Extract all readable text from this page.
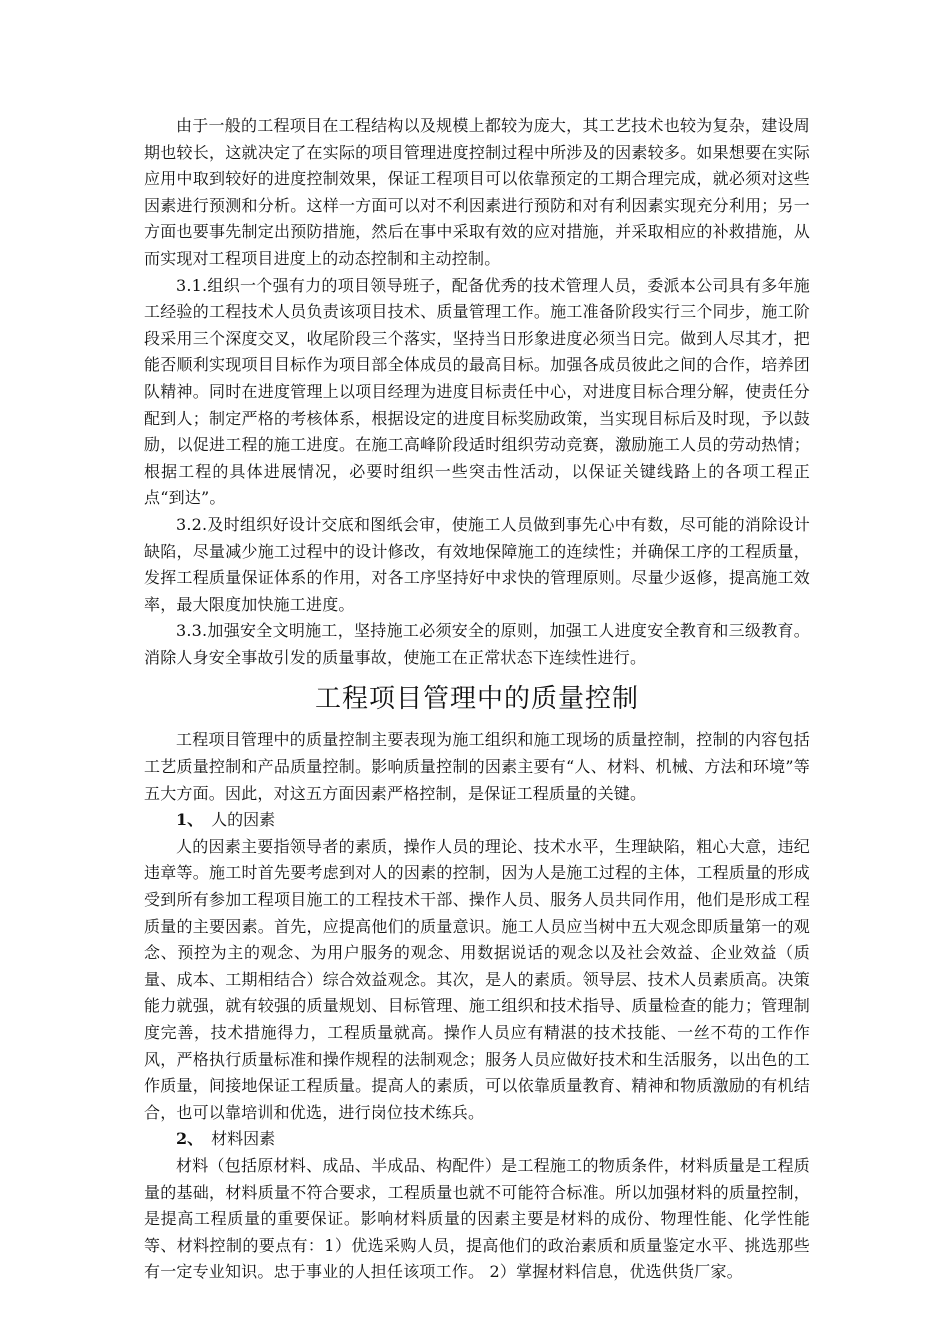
由于一般的工程项目在工程结构以及规模上都较为庞大，其工艺技术也较为复杂，建设周期也较长，这就决定了在实际的项目管理进度控制过程中所涉及的因素较多。如果想要在实际应用中取到较好的进度控制效果，保证工程项目可以依靠预定的工期合理完成，就必须对这些因素进行预测和分析。这样一方面可以对不利因素进行预防和对有利因素实现充分利用；另一方面也要事先制定出预防措施，然后在事中采取有效的应对措施，并采取相应的补救措施，从而实现对工程项目进度上的动态控制和主动控制。

3.1.组织一个强有力的项目领导班子，配备优秀的技术管理人员，委派本公司具有多年施工经验的工程技术人员负责该项目技术、质量管理工作。施工准备阶段实行三个同步，施工阶段采用三个深度交叉，收尾阶段三个落实，坚持当日形象进度必须当日完。做到人尽其才，把能否顺利实现项目目标作为项目部全体成员的最高目标。加强各成员彼此之间的合作，培养团队精神。同时在进度管理上以项目经理为进度目标责任中心，对进度目标合理分解，使责任分配到人；制定严格的考核体系，根据设定的进度目标奖励政策，当实现目标后及时现，予以鼓励，以促进工程的施工进度。在施工高峰阶段适时组织劳动竞赛，激励施工人员的劳动热情；根据工程的具体进展情况，必要时组织一些突击性活动，以保证关键线路上的各项工程正点“到达”。

3.2.及时组织好设计交底和图纸会审，使施工人员做到事先心中有数，尽可能的消除设计缺陷，尽量减少施工过程中的设计修改，有效地保障施工的连续性；并确保工序的工程质量，发挥工程质量保证体系的作用，对各工序坚持好中求快的管理原则。尽量少返修，提高施工效率，最大限度加快施工进度。

3.3.加强安全文明施工，坚持施工必须安全的原则，加强工人进度安全教育和三级教育。消除人身安全事故引发的质量事故，使施工在正常状态下连续性进行。

工程项目管理中的质量控制

工程项目管理中的质量控制主要表现为施工组织和施工现场的质量控制，控制的内容包括工艺质量控制和产品质量控制。影响质量控制的因素主要有“人、材料、机械、方法和环境”等五大方面。因此，对这五方面因素严格控制，是保证工程质量的关键。

1、 人的因素

人的因素主要指领导者的素质，操作人员的理论、技术水平，生理缺陷，粗心大意，违纪违章等。施工时首先要考虑到对人的因素的控制，因为人是施工过程的主体，工程质量的形成受到所有参加工程项目施工的工程技术干部、操作人员、服务人员共同作用，他们是形成工程质量的主要因素。首先，应提高他们的质量意识。施工人员应当树中五大观念即质量第一的观念、预控为主的观念、为用户服务的观念、用数据说话的观念以及社会效益、企业效益（质量、成本、工期相结合）综合效益观念。其次，是人的素质。领导层、技术人员素质高。决策能力就强，就有较强的质量规划、目标管理、施工组织和技术指导、质量检查的能力；管理制度完善，技术措施得力，工程质量就高。操作人员应有精湛的技术技能、一丝不苟的工作作风，严格执行质量标准和操作规程的法制观念；服务人员应做好技术和生活服务，以出色的工作质量，间接地保证工程质量。提高人的素质，可以依靠质量教育、精神和物质激励的有机结合，也可以靠培训和优选，进行岗位技术练兵。

2、 材料因素

材料（包括原材料、成品、半成品、构配件）是工程施工的物质条件，材料质量是工程质量的基础，材料质量不符合要求，工程质量也就不可能符合标准。所以加强材料的质量控制，是提高工程质量的重要保证。影响材料质量的因素主要是材料的成份、物理性能、化学性能等、材料控制的要点有：1）优选采购人员，提高他们的政治素质和质量鉴定水平、挑选那些有一定专业知识。忠于事业的人担任该项工作。 2）掌握材料信息，优选供货厂家。
